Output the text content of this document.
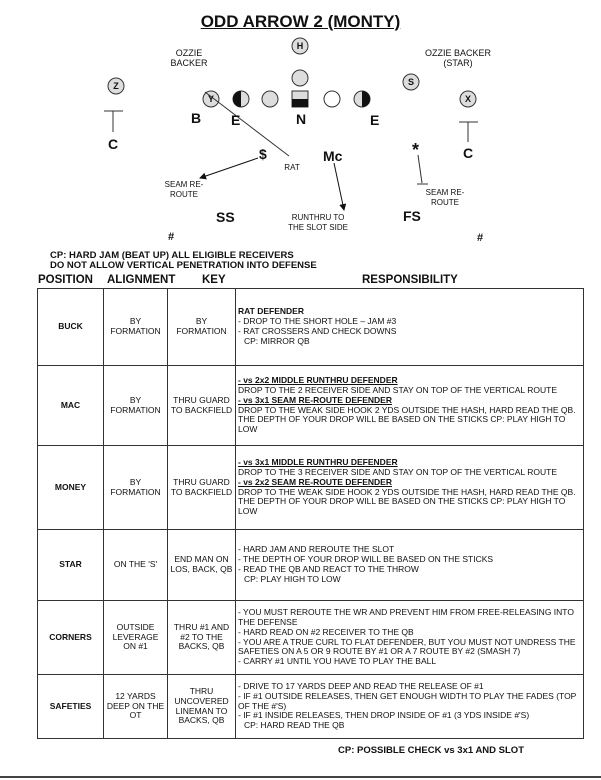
ODD ARROW 2 (MONTY)
OZZIE BACKER
OZZIE BACKER (STAR)
H
Z	S
X
Y
B E	N	E
C
C
$	Mc	*
SS	FS
RAT
SEAM RE-ROUTE	SEAM RE-ROUTE
RUNTHRU TO THE SLOT SIDE
#	#
CP: HARD JAM (BEAT UP) ALL ELIGIBLE RECEIVERS
DO NOT ALLOW VERTICAL PENETRATION INTO DEFENSE
POSITION ALIGNMENT KEY	RESPONSIBILITY
BUCK	BY FORMATION	BY FORMATION	RAT DEFENDER

- DROP TO THE SHORT HOLE – JAM #3

- RAT CROSSERS AND CHECK DOWNS

CP: MIRROR QB

MAC	BY FORMATION	THRU GUARD TO BACKFIELD	- vs 2x2 MIDDLE RUNTHRU DEFENDER

DROP TO THE 2 RECEIVER SIDE AND STAY ON TOP OF THE VERTICAL ROUTE

- vs 3x1 SEAM RE-ROUTE DEFENDER

DROP TO THE WEAK SIDE HOOK 2 YDS OUTSIDE THE HASH, HARD READ THE QB. THE DEPTH OF YOUR DROP WILL BE BASED ON THE STICKS CP: PLAY HIGH TO LOW

MONEY	BY FORMATION	THRU GUARD TO BACKFIELD	- vs 3x1 MIDDLE RUNTHRU DEFENDER

DROP TO THE 3 RECEIVER SIDE AND STAY ON TOP OF THE VERTICAL ROUTE

- vs 2x2 SEAM RE-ROUTE DEFENDER

DROP TO THE WEAK SIDE HOOK 2 YDS OUTSIDE THE HASH, HARD READ THE QB. THE DEPTH OF YOUR DROP WILL BE BASED ON THE STICKS CP: PLAY HIGH TO LOW

STAR	ON THE 'S'	END MAN ON LOS, BACK, QB	- HARD JAM AND REROUTE THE SLOT

- THE DEPTH OF YOUR DROP WILL BE BASED ON THE STICKS

- READ THE QB AND REACT TO THE THROW

CP: PLAY HIGH TO LOW

CORNERS	OUTSIDE LEVERAGE ON #1	THRU #1 AND #2 TO THE BACKS, QB	- YOU MUST REROUTE THE WR AND PREVENT HIM FROM FREE-RELEASING INTO THE DEFENSE

- HARD READ ON #2 RECEIVER TO THE QB

- YOU ARE A TRUE CURL TO FLAT DEFENDER, BUT YOU MUST NOT UNDRESS THE SAFETIES ON A 5 OR 9 ROUTE BY #1 OR A 7 ROUTE BY #2 (SMASH 7)

- CARRY #1 UNTIL YOU HAVE TO PLAY THE BALL

SAFETIES	12 YARDS DEEP ON THE OT	THRU UNCOVERED LINEMAN TO BACKS, QB	- DRIVE TO 17 YARDS DEEP AND READ THE RELEASE OF #1

- IF #1 OUTSIDE RELEASES, THEN GET ENOUGH WIDTH TO PLAY THE FADES (TOP OF THE #'S)

- IF #1 INSIDE RELEASES, THEN DROP INSIDE OF #1 (3 YDS INSIDE #'S)

CP: HARD READ THE QB

CP: POSSIBLE CHECK vs 3x1 AND SLOT
